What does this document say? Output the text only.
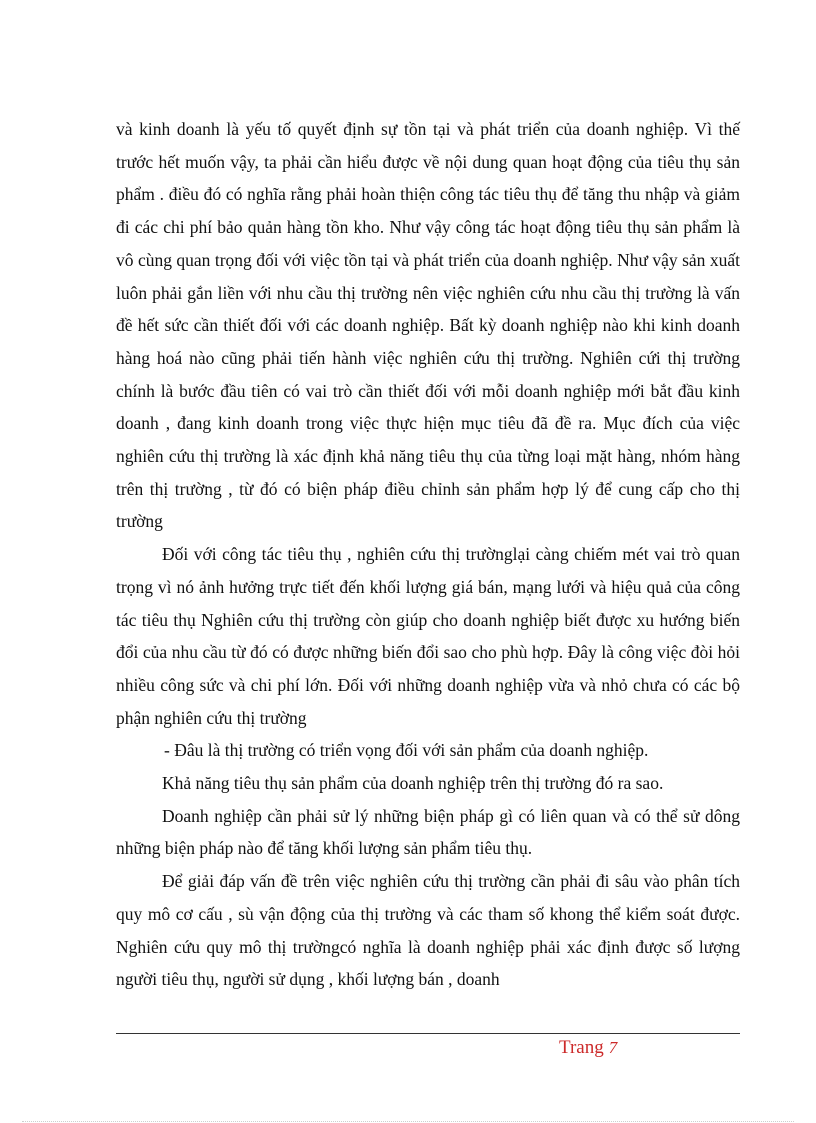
và kinh doanh là yếu tố quyết định sự tồn tại và phát triển của doanh nghiệp. Vì thế trước hết muốn vậy, ta phải cần hiểu được về nội dung quan hoạt động của tiêu thụ sản phẩm . điều đó có nghĩa rằng phải hoàn thiện công tác tiêu thụ để tăng thu nhập và giảm đi các chi phí bảo quản hàng tồn kho. Như vậy công tác hoạt động tiêu thụ sản phẩm là vô cùng quan trọng đối với việc tồn tại và phát triển của doanh nghiệp. Như vậy sản xuất luôn phải gắn liền với nhu cầu thị trường nên việc nghiên cứu nhu cầu thị trường là vấn đề hết sức cần thiết đối với các doanh nghiệp. Bất kỳ doanh nghiệp nào khi kinh doanh hàng hoá nào cũng phải tiến hành việc nghiên cứu thị trường. Nghiên cứi thị trường chính là bước đầu tiên có vai trò cần thiết đối với mỗi doanh nghiệp mới bắt đầu kinh doanh , đang kinh doanh trong việc thực hiện mục tiêu đã đề ra. Mục đích của việc nghiên cứu thị trường là xác định khả năng tiêu thụ của từng loại mặt hàng, nhóm hàng trên thị trường , từ đó có biện pháp điều chỉnh sản phẩm hợp lý để cung cấp cho thị trường

Đối với công tác tiêu thụ , nghiên cứu thị trườnglại càng chiếm mét vai trò quan trọng vì nó ảnh hưởng trực tiết đến khối lượng giá bán, mạng lưới và hiệu quả của công tác tiêu thụ Nghiên cứu thị trường còn giúp cho doanh nghiệp biết được xu hướng biến đổi của nhu cầu từ đó có được những biến đổi sao cho phù hợp. Đây là công việc đòi hỏi nhiều công sức và chi phí lớn. Đối với những doanh nghiệp vừa và nhỏ chưa có các bộ phận nghiên cứu thị trường

- Đâu là thị trường có triển vọng đối với sản phẩm của doanh nghiệp.

Khả năng tiêu thụ sản phẩm của doanh nghiệp trên thị trường đó ra sao.

Doanh nghiệp cần phải sử lý những biện pháp gì có liên quan và có thể sử dông những biện pháp nào để tăng khối lượng sản phẩm tiêu thụ.

Để giải đáp vấn đề trên việc nghiên cứu thị trường cần phải đi sâu vào phân tích quy mô cơ cấu , sù vận động của thị trường và các tham số khong thể kiểm soát được. Nghiên cứu quy mô thị trườngcó nghĩa là doanh nghiệp phải xác định được số lượng người tiêu thụ, người sử dụng , khối lượng bán , doanh

Trang 7
